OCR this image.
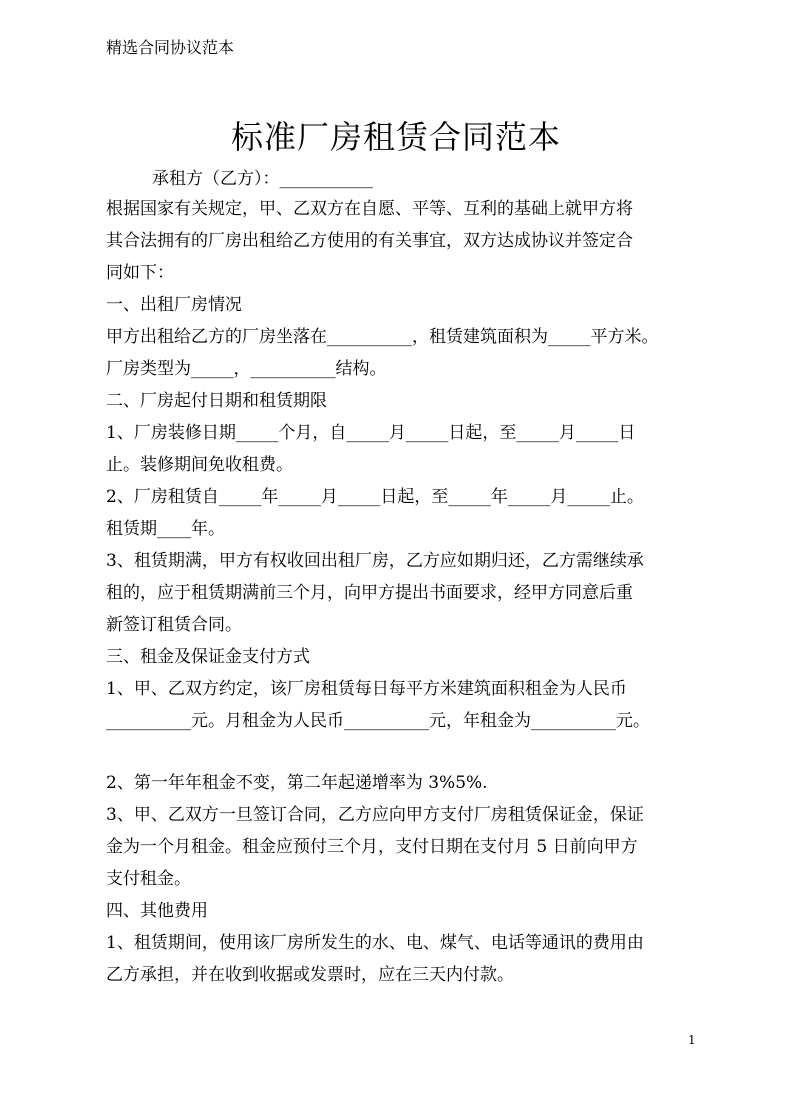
精选合同协议范本
标准厂房租赁合同范本
承租方（乙方）：___________
根据国家有关规定，甲、乙双方在自愿、平等、互利的基础上就甲方将
其合法拥有的厂房出租给乙方使用的有关事宜，双方达成协议并签定合
同如下：
一、出租厂房情况
甲方出租给乙方的厂房坐落在__________，租赁建筑面积为_____平方米。
厂房类型为_____，__________结构。
二、厂房起付日期和租赁期限
1、厂房装修日期_____个月，自_____月_____日起，至_____月_____日
止。装修期间免收租费。
2、厂房租赁自_____年_____月_____日起，至_____年_____月_____止。
租赁期____年。
3、租赁期满，甲方有权收回出租厂房，乙方应如期归还，乙方需继续承
租的，应于租赁期满前三个月，向甲方提出书面要求，经甲方同意后重
新签订租赁合同。
三、租金及保证金支付方式
1、甲、乙双方约定，该厂房租赁每日每平方米建筑面积租金为人民币
__________元。月租金为人民币__________元，年租金为__________元。
2、第一年年租金不变，第二年起递增率为 3%5%.
3、甲、乙双方一旦签订合同，乙方应向甲方支付厂房租赁保证金，保证
金为一个月租金。租金应预付三个月，支付日期在支付月 5 日前向甲方
支付租金。
四、其他费用
1、租赁期间，使用该厂房所发生的水、电、煤气、电话等通讯的费用由
乙方承担，并在收到收据或发票时，应在三天内付款。
1
